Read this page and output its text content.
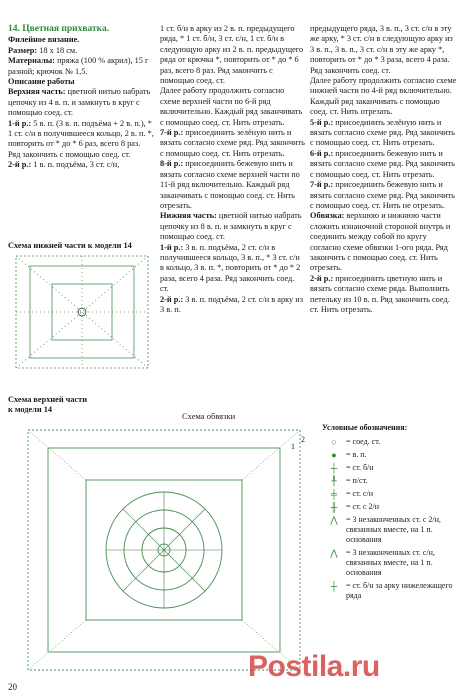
14. Цветная прихватка.

Филейное вязание.

Размер: 18 х 18 см.

Материалы: пряжа (100 % акрил), 15 г разной; крючок № 1,5.

Описание работы

Верхняя часть: цветной нитью набрать цепочку из 4 в. п. и замкнуть в круг с помощью соед. ст.

1-й р.: 5 в. п. (3 в. п. подъёма + 2 в. п.), * 1 ст. с/н в получившееся кольцо, 2 в. п. *, повторить от * до * 6 раз, всего 8 раз. Ряд закончить с помощью соед. ст.

2-й р.: 1 в. п. подъёма, 3 ст. с/н,

1 ст. б/н в арку из 2 в. п. предыдущего ряда, * 1 ст. б/н, 3 ст. с/н, 1 ст. б/н в следующую арку из 2 в. п. предыдущего ряда от крючка *, повторить от * до * 6 раз, всего 8 раз. Ряд закончить с помощью соед. ст.

Далее работу продолжить согласно схеме верхней части по 6-й ряд включительно. Каждый ряд заканчивать с помощью соед. ст. Нить отрезать.

7-й р.: присоединить зелёную нить и вязать согласно схеме ряд. Ряд закончить с помощью соед. ст. Нить отрезать.

8-й р.: присоединить бежевую нить и вязать согласно схеме верхней части по 11-й ряд включительно. Каждый ряд заканчивать с помощью соед. ст. Нить отрезать.

Нижняя часть: цветной нитью набрать цепочку из 8 в. п. и замкнуть в круг с помощью соед. ст.

1-й р.: 3 в. п. подъёма, 2 ст. с/н в получившееся кольцо, 3 в. п., * 3 ст. с/н в кольцо, 3 в. п. *, повторить от * до * 2 раза, всего 4 раза. Ряд закончить соед. ст.

2-й р.: 3 в. п. подъёма, 2 ст. с/н в арку из 3 в. п.

предыдущего ряда, 3 в. п., 3 ст. с/н в эту же арку, * 3 ст. с/н в следующую арку из 3 в. п., 3 в. п., 3 ст. с/н в эту же арку *, повторить от * до * 3 раза, всего 4 раза. Ряд закончить соед. ст.

Далее работу продолжить согласно схеме нижней части по 4-й ряд включительно. Каждый ряд заканчивать с помощью соед. ст. Нить отрезать.

5-й р.: присоединить зелёную нить и вязать согласно схеме ряд. Ряд закончить с помощью соед. ст. Нить отрезать.

6-й р.: присоединить бежевую нить и вязать согласно схеме ряд. Ряд закончить с помощью соед. ст. Нить отрезать.

7-й р.: присоединить бежевую нить и вязать согласно схеме ряд. Ряд закончить с помощью соед. ст. Нить не отрезать.

Обвязка: верхнюю и нижнюю части сложить изнаночной стороной внутрь и соединить между собой по кругу согласно схеме обвязки 1-ого ряда. Ряд закончить с помощью соед. ст. Нить отрезать.

2-й р.: присоединить цветную нить и вязать согласно схеме ряда. Выполнить петельку из 10 в. п. Ряд закончить соед. ст. Нить отрезать.

Схема нижней части к модели 14
Схема верхней части
к модели 14
Схема обвязки
1
2
Условные обозначения:
○	= соед. ст.
●	= в. п.
┼	= ст. б/н
╀	= п/ст.
╪	= ст. с/н
╫	= ст. с 2/н
⋀	= 3 незаконченных ст. с 2/н, связанных вместе, на 1 п. основания
⋀	= 3 незаконченных ст. с/н, связанных вместе, на 1 п. основания
┼	= ст. б/н за арку нижележащего ряда
20
Postila.ru
